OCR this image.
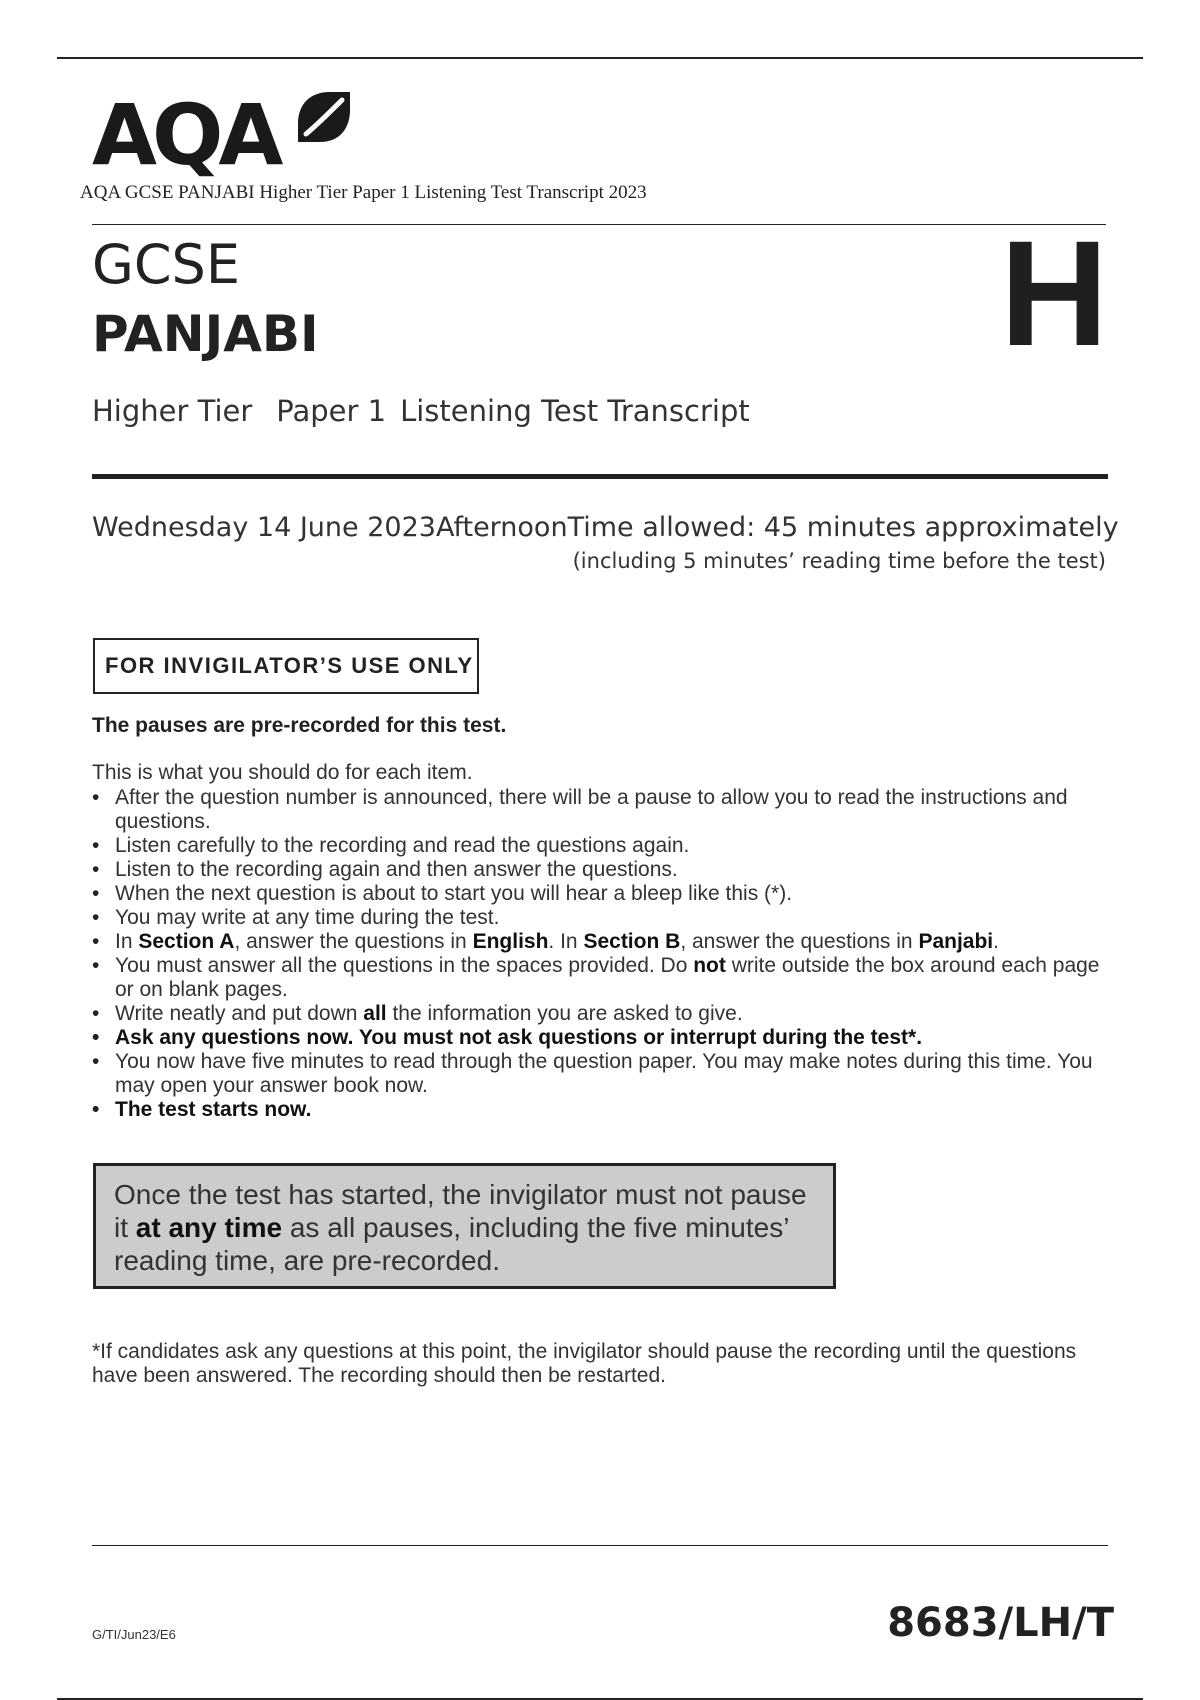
AQA
AQA GCSE PANJABI Higher Tier Paper 1 Listening Test Transcript 2023
GCSE
PANJABI	H
Higher Tier Paper 1 Listening Test Transcript
Wednesday 14 June 2023 Afternoon Time allowed: 45 minutes approximately
(including 5 minutes’ reading time before the test)
FOR INVIGILATOR’S USE ONLY
The pauses are pre-recorded for this test.
This is what you should do for each item.
• After the question number is announced, there will be a pause to allow you to read the instructions and questions.
• Listen carefully to the recording and read the questions again.
• Listen to the recording again and then answer the questions.
• When the next question is about to start you will hear a bleep like this (*).
• You may write at any time during the test.
• In Section A, answer the questions in English. In Section B, answer the questions in Panjabi.
• You must answer all the questions in the spaces provided. Do not write outside the box around each page or on blank pages.
• Write neatly and put down all the information you are asked to give.
• Ask any questions now. You must not ask questions or interrupt during the test*.
• You now have five minutes to read through the question paper. You may make notes during this time. You may open your answer book now.
• The test starts now.
Once the test has started, the invigilator must not pause it at any time as all pauses, including the five minutes’ reading time, are pre-recorded.
*If candidates ask any questions at this point, the invigilator should pause the recording until the questions have been answered. The recording should then be restarted.
G/TI/Jun23/E6	8683/LH/T
